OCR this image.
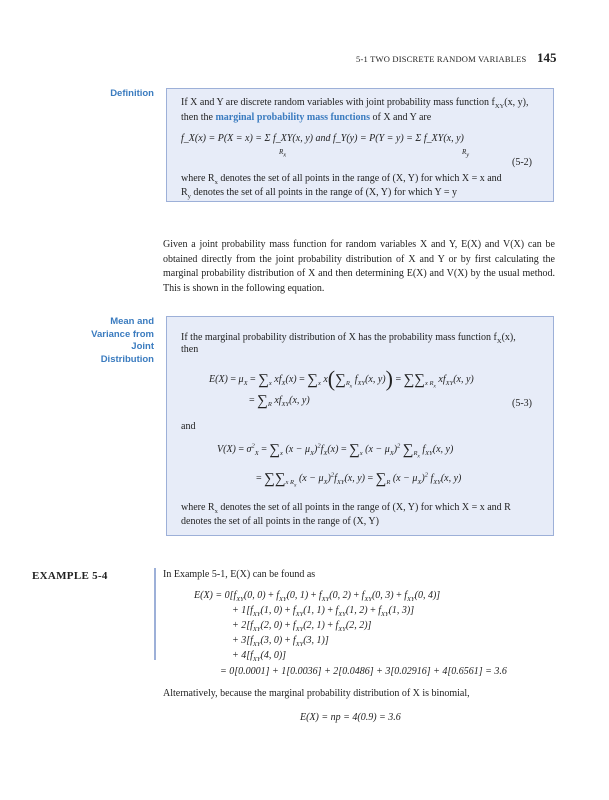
5-1 TWO DISCRETE RANDOM VARIABLES 145
Definition
If X and Y are discrete random variables with joint probability mass function $f_{XY}(x$, y),
then the marginal probability mass functions of X and Y are
f_X(x) = P(X = x) = Σ f_XY(x, y) and f_Y(y) = P(Y = y) = Σ f_XY(x, y)
$R_x$	$R_y$
(5-2)
where $R_x$ denotes the set of all points in the range of (X, Y) for which X = x and
$R_y$ denotes the set of all points in the range of (X, Y) for which Y = y
Given a joint probability mass function for random variables X and Y, E(X) and V(X) can be obtained directly from the joint probability distribution of X and Y or by first calculating the marginal probability distribution of X and then determining E(X) and V(X) by the usual method. This is shown in the following equation.
Mean and
Variance from
Joint
Distribution
If the marginal probability distribution of X has the probability mass function $f_X(x)$,
then
$E(X) = \mu_X = \sum_x$ $xf_X(x) = \sum_x$ $x(\sum_{R_x}$ $f_{XY}(x$, $y)) = \sum\sum_{x R_x}$ $xf_{XY}(x$, y)
= $\sum_R$ $xf_{XY}(x$, y)	(5-3)
and
$V(X) = \sigma^2_X = \sum_x$ $(x - \mu_X)^2f_X(x) = \sum_x$ $(x - \mu_X)^2$ $\sum_{R_x}$ $f_{XY}(x$, y)
= $\sum\sum_{x R_x}$ $(x - \mu_X)^2f_{XY}(x$, $y) = \sum_R$ $(x - \mu_X)^2$ $f_{XY}(x$, y)
where $R_x$ denotes the set of all points in the range of (X, Y) for which X = x and R
denotes the set of all points in the range of (X, Y)
EXAMPLE 5-4	In Example 5-1, E(X) can be found as
$E(X) = 0[f_{XY}(0$, $0) + f_{XY}(0$, $1) + f_{XY}(0$, $2) + f_{XY}(0$, $3) + f_{XY}(0$, 4)]
+ $1[f_{XY}(1$, $0) + f_{XY}(1$, $1) + f_{XY}(1$, $2) + f_{XY}(1$, 3)]
+ $2[f_{XY}(2$, $0) + f_{XY}(2$, $1) + f_{XY}(2$, 2)]
+ $3[f_{XY}(3$, $0) + f_{XY}(3$, 1)]
+ $4[f_{XY}(4$, 0)]
= 0[0.0001] + 1[0.0036] + 2[0.0486] + 3[0.02916] + 4[0.6561] = 3.6
Alternatively, because the marginal probability distribution of X is binomial,
E(X) = np = 4(0.9) = 3.6
